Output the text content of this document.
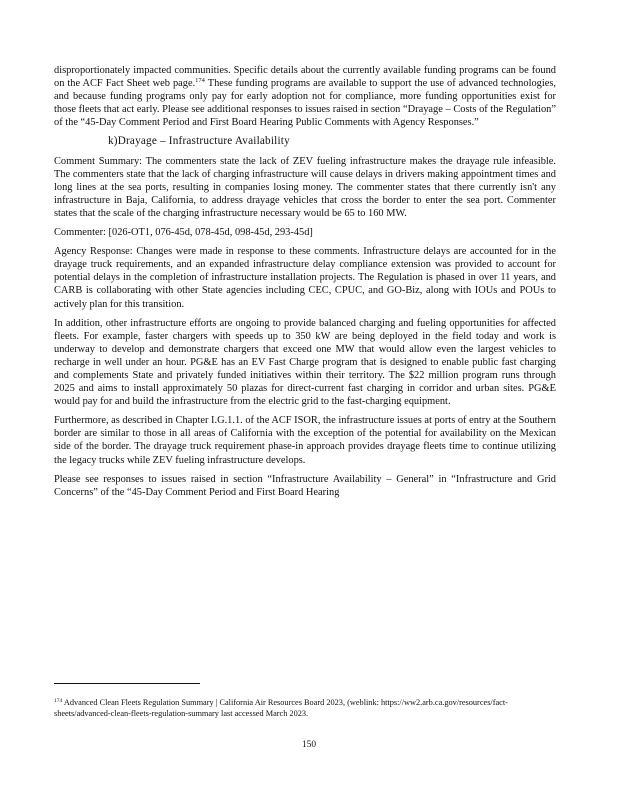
disproportionately impacted communities. Specific details about the currently available funding programs can be found on the ACF Fact Sheet web page.$^{174}$ These funding programs are available to support the use of advanced technologies, and because funding programs only pay for early adoption not for compliance, more funding opportunities exist for those fleets that act early. Please see additional responses to issues raised in section “Drayage – Costs of the Regulation” of the “45-Day Comment Period and First Board Hearing Public Comments with Agency Responses.”

k)Drayage – Infrastructure Availability

Comment Summary: The commenters state the lack of ZEV fueling infrastructure makes the drayage rule infeasible. The commenters state that the lack of charging infrastructure will cause delays in drivers making appointment times and long lines at the sea ports, resulting in companies losing money. The commenter states that there currently isn't any infrastructure in Baja, California, to address drayage vehicles that cross the border to enter the sea port. Commenter states that the scale of the charging infrastructure necessary would be 65 to 160 MW.

Commenter: [026-OT1, 076-45d, 078-45d, 098-45d, 293-45d]

Agency Response: Changes were made in response to these comments. Infrastructure delays are accounted for in the drayage truck requirements, and an expanded infrastructure delay compliance extension was provided to account for potential delays in the completion of infrastructure installation projects. The Regulation is phased in over 11 years, and CARB is collaborating with other State agencies including CEC, CPUC, and GO-Biz, along with IOUs and POUs to actively plan for this transition.

In addition, other infrastructure efforts are ongoing to provide balanced charging and fueling opportunities for affected fleets. For example, faster chargers with speeds up to 350 kW are being deployed in the field today and work is underway to develop and demonstrate chargers that exceed one MW that would allow even the largest vehicles to recharge in well under an hour. PG&E has an EV Fast Charge program that is designed to enable public fast charging and complements State and privately funded initiatives within their territory. The $22 million program runs through 2025 and aims to install approximately 50 plazas for direct-current fast charging in corridor and urban sites. PG&E would pay for and build the infrastructure from the electric grid to the fast-charging equipment.

Furthermore, as described in Chapter I.G.1.1. of the ACF ISOR, the infrastructure issues at ports of entry at the Southern border are similar to those in all areas of California with the exception of the potential for availability on the Mexican side of the border. The drayage truck requirement phase-in approach provides drayage fleets time to continue utilizing the legacy trucks while ZEV fueling infrastructure develops.

Please see responses to issues raised in section “Infrastructure Availability – General” in “Infrastructure and Grid Concerns” of the “45-Day Comment Period and First Board Hearing

$^{174}$ Advanced Clean Fleets Regulation Summary | California Air Resources Board 2023, (weblink: https://ww2.arb.ca.gov/resources/fact-sheets/advanced-clean-fleets-regulation-summary last accessed March 2023.
150
